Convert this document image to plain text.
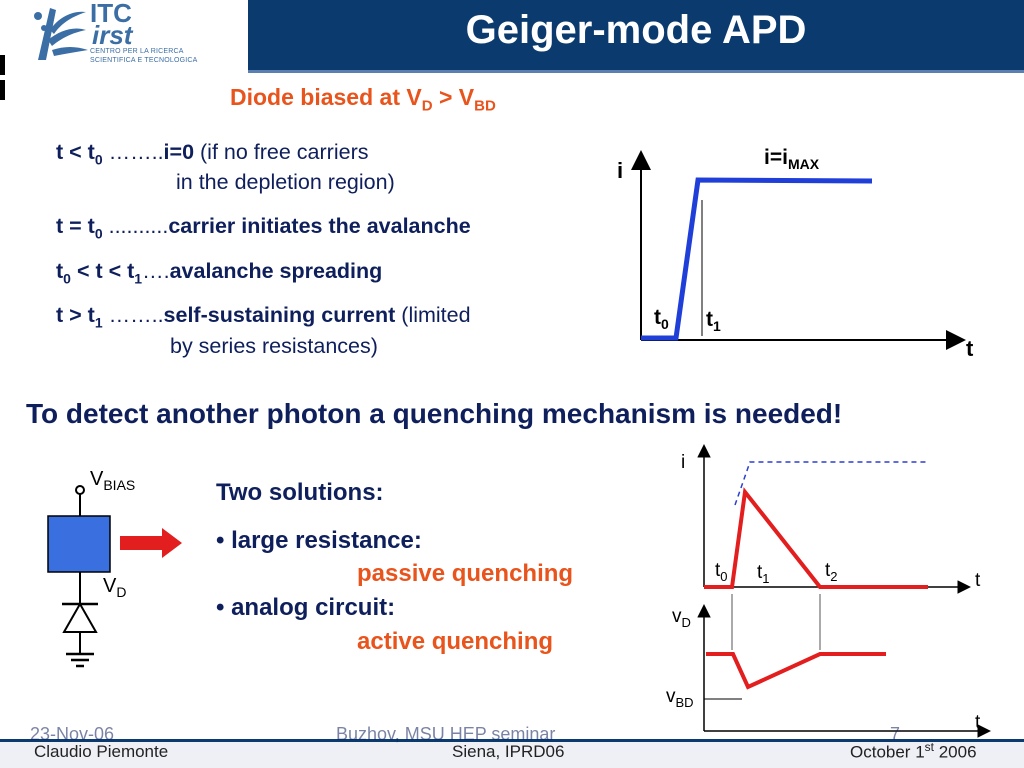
ITC
irst
CENTRO PER LA RICERCA
SCIENTIFICA E TECNOLOGICA
Geiger-mode APD
Diode biased at $V_D > V_{BD}$
$t < t_0$ ……..i=0 (if no free carriers
in the depletion region)
$t = t_0$ ..........carrier initiates the avalanche
$t_0 < t$ < $t_1\dots.avalanche$ spreading
$t > t_1$ ……..self-sustaining current (limited
by series resistances)
i
t
$t_0$ $t_1$
$i=i_{MAX}$
To detect another photon a quenching mechanism is needed!
$V_{BIAS}$
$V_D$
Two solutions:
• large resistance:
passive quenching
• analog circuit:
active quenching
i
t
$t_0$ $t_1$	$t_2$
$v_D$
t
$v_{BD}$
23-Nov-06	Buzhov, MSU HEP seminar	7
Claudio Piemonte	Siena, IPRD06	October 1st 2006
